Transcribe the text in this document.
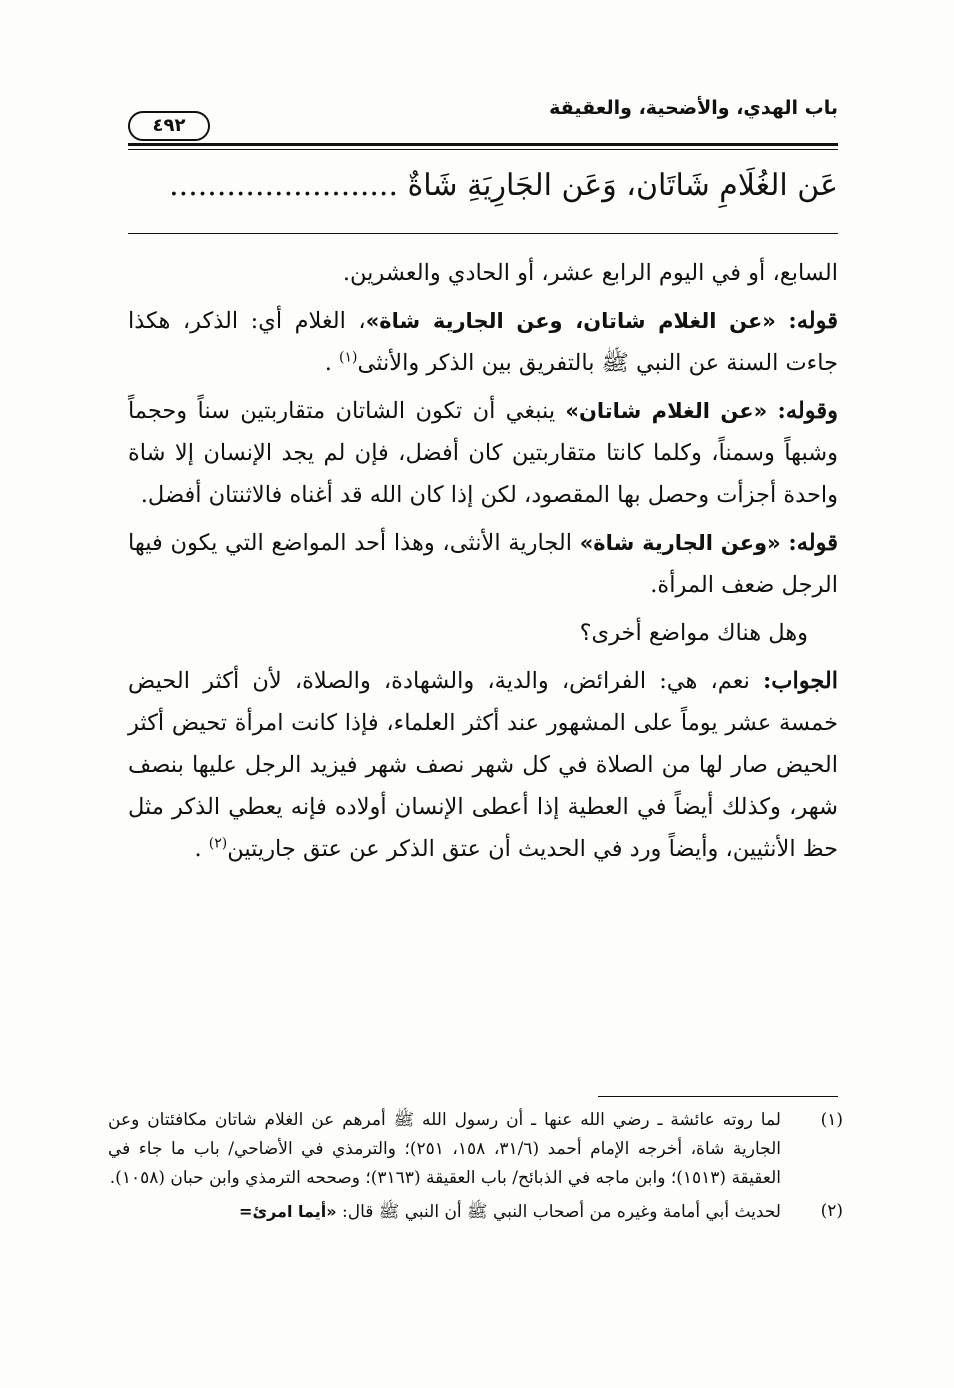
باب الهدي، والأضحية، والعقيقة
٤٩٢
عَن الغُلَامِ شَاتَان، وَعَن الجَارِيَةِ شَاةٌ ........................

السابع، أو في اليوم الرابع عشر، أو الحادي والعشرين.

قوله: «عن الغلام شاتان، وعن الجارية شاة»، الغلام أي: الذكر، هكذا جاءت السنة عن النبي ﷺ بالتفريق بين الذكر والأنثى$^{(١)}$ .

وقوله: «عن الغلام شاتان» ينبغي أن تكون الشاتان متقاربتين سناً وحجماً وشبهاً وسمناً، وكلما كانتا متقاربتين كان أفضل، فإن لم يجد الإنسان إلا شاة واحدة أجزأت وحصل بها المقصود، لكن إذا كان الله قد أغناه فالاثنتان أفضل.

قوله: «وعن الجارية شاة» الجارية الأنثى، وهذا أحد المواضع التي يكون فيها الرجل ضعف المرأة.

وهل هناك مواضع أخرى؟

الجواب: نعم، هي: الفرائض، والدية، والشهادة، والصلاة، لأن أكثر الحيض خمسة عشر يوماً على المشهور عند أكثر العلماء، فإذا كانت امرأة تحيض أكثر الحيض صار لها من الصلاة في كل شهر نصف شهر فيزيد الرجل عليها بنصف شهر، وكذلك أيضاً في العطية إذا أعطى الإنسان أولاده فإنه يعطي الذكر مثل حظ الأنثيين، وأيضاً ورد في الحديث أن عتق الذكر عن عتق جاريتين$^{(٢)}$ .

(١)
لما روته عائشة ـ رضي الله عنها ـ أن رسول الله ﷺ أمرهم عن الغلام شاتان مكافئتان وعن الجارية شاة، أخرجه الإمام أحمد (٣١/٦، ١٥٨، ٢٥١)؛ والترمذي في الأضاحي/ باب ما جاء في العقيقة (١٥١٣)؛ وابن ماجه في الذبائح/ باب العقيقة (٣١٦٣)؛ وصححه الترمذي وابن حبان (١٠٥٨).
(٢)
لحديث أبي أمامة وغيره من أصحاب النبي ﷺ أن النبي ﷺ قال: «أيما امرئ=
